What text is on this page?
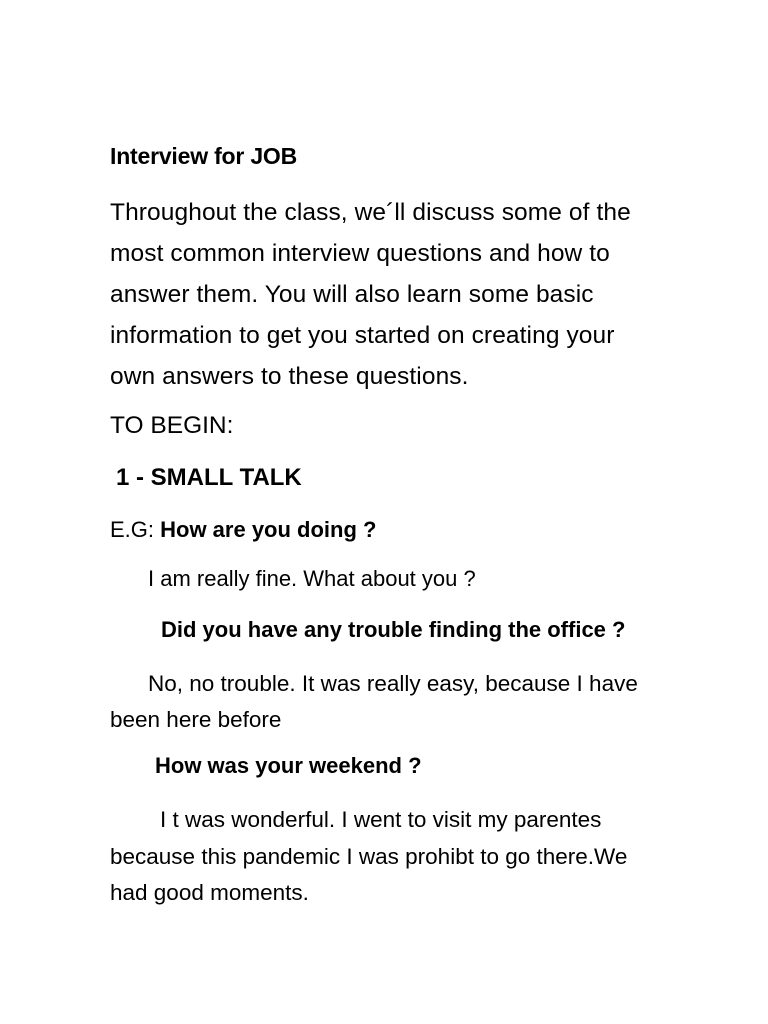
Interview for JOB

Throughout the class, we´ll discuss some of the
most common interview questions and how to
answer them. You will also learn some basic
information to get you started on creating your
own answers to these questions.

TO BEGIN:

1 - SMALL TALK

E.G: How are you doing ?

I am really fine. What about you ?

Did you have any trouble finding the office ?

No, no trouble. It was really easy, because I have
been here before

How was your weekend ?

I t was wonderful. I went to visit my parentes
because this pandemic I was prohibt to go there.We
had good moments.
